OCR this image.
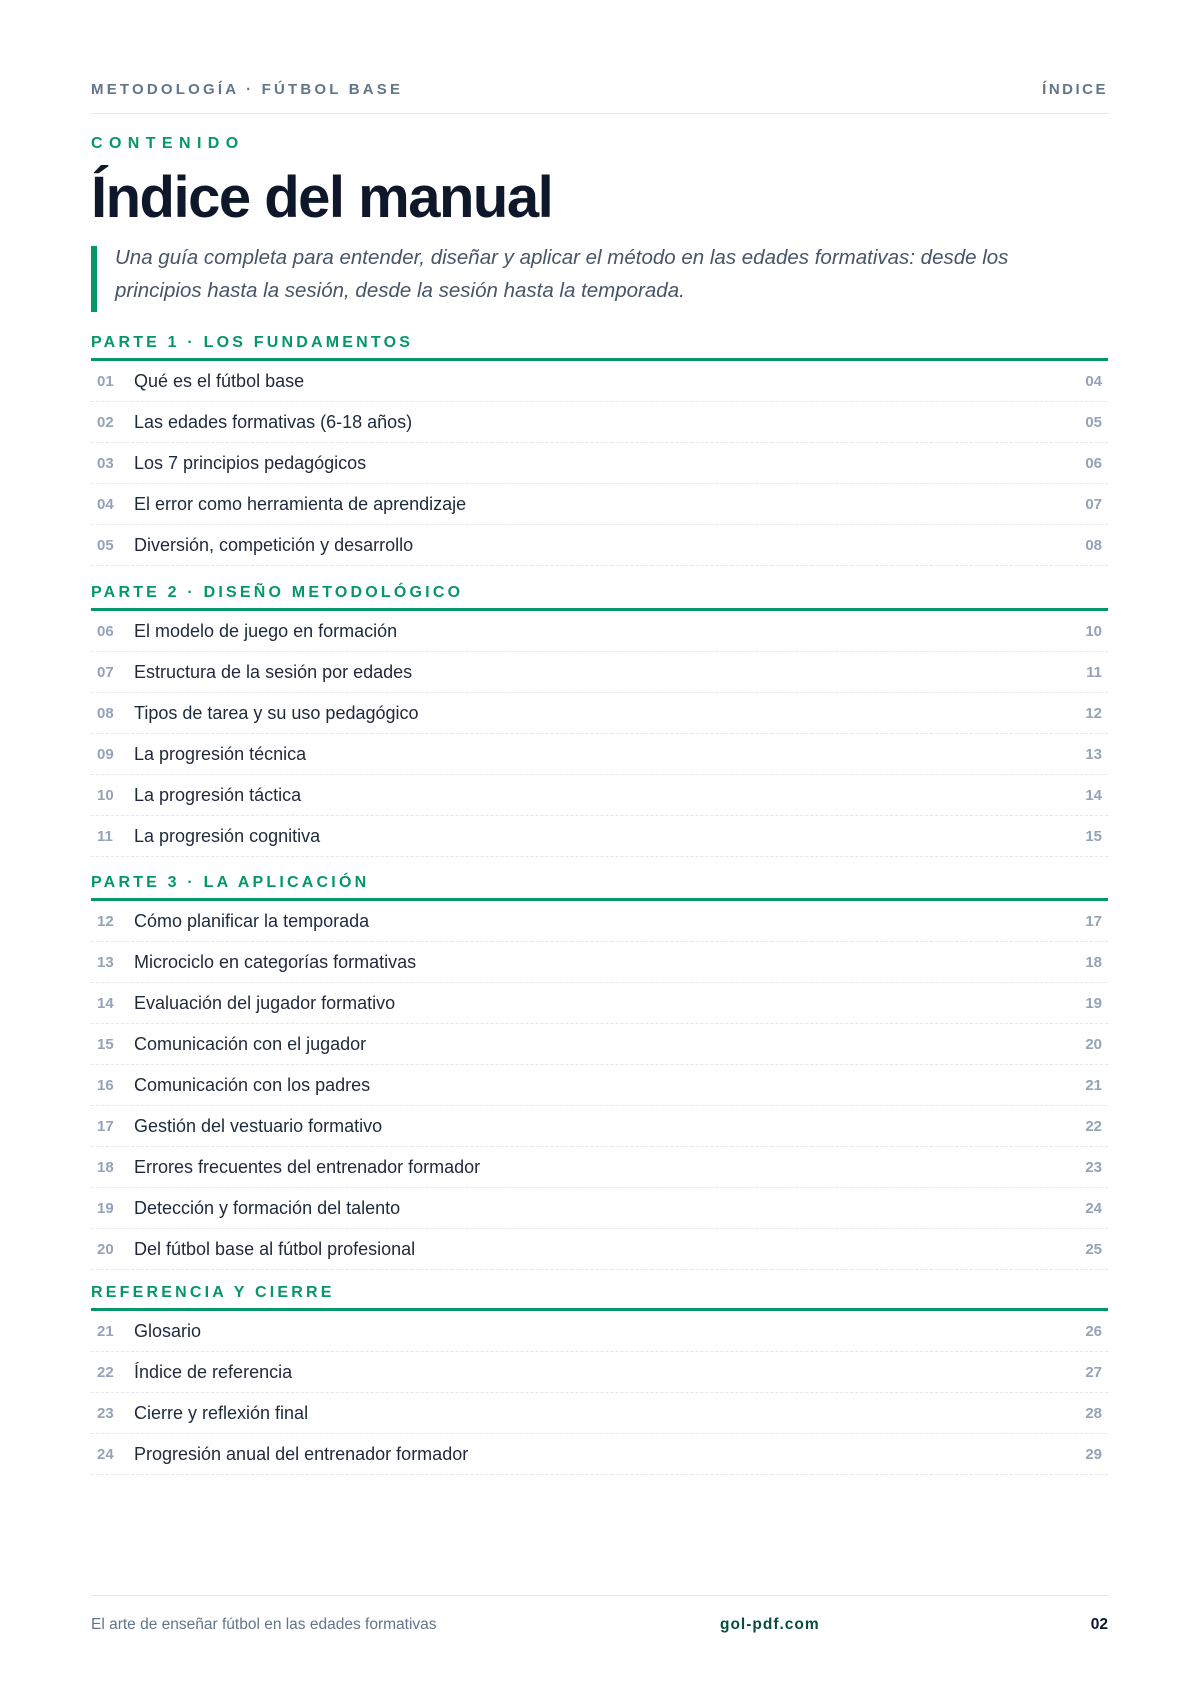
METODOLOGÍA · FÚTBOL BASE	ÍNDICE
CONTENIDO
Índice del manual
Una guía completa para entender, diseñar y aplicar el método en las edades formativas: desde los principios hasta la sesión, desde la sesión hasta la temporada.
PARTE 1 · LOS FUNDAMENTOS
01 Qué es el fútbol base	04
02 Las edades formativas (6-18 años)	05
03 Los 7 principios pedagógicos	06
04 El error como herramienta de aprendizaje	07
05 Diversión, competición y desarrollo	08
PARTE 2 · DISEÑO METODOLÓGICO
06 El modelo de juego en formación	10
07 Estructura de la sesión por edades	11
08 Tipos de tarea y su uso pedagógico	12
09 La progresión técnica	13
10 La progresión táctica	14
11 La progresión cognitiva	15
PARTE 3 · LA APLICACIÓN
12 Cómo planificar la temporada	17
13 Microciclo en categorías formativas	18
14 Evaluación del jugador formativo	19
15 Comunicación con el jugador	20
16 Comunicación con los padres	21
17 Gestión del vestuario formativo	22
18 Errores frecuentes del entrenador formador	23
19 Detección y formación del talento	24
20 Del fútbol base al fútbol profesional	25
REFERENCIA Y CIERRE
21 Glosario	26
22 Índice de referencia	27
23 Cierre y reflexión final	28
24 Progresión anual del entrenador formador	29
El arte de enseñar fútbol en las edades formativas	gol-pdf.com	02
